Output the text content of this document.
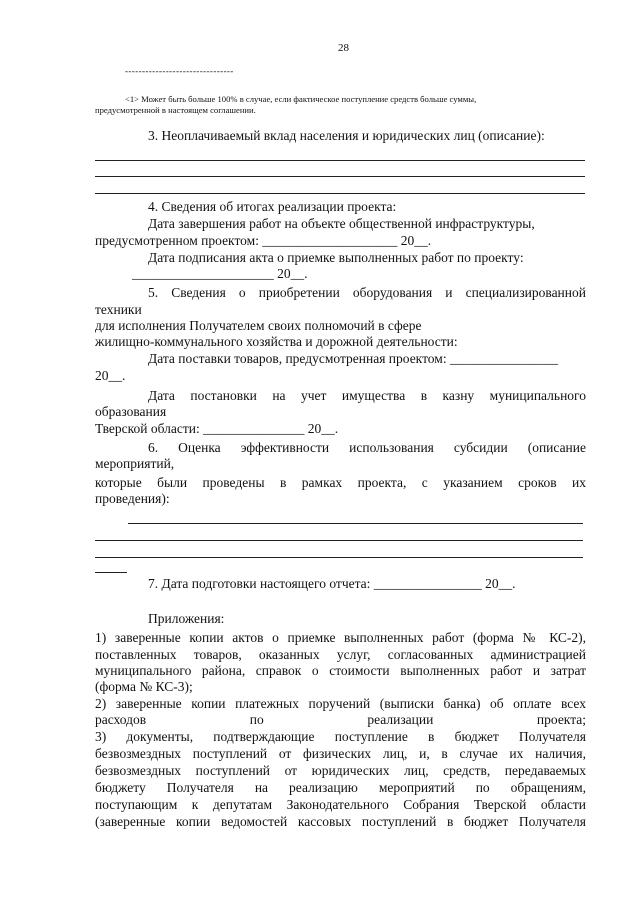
28
--------------------------------
<1> Может быть больше 100% в случае, если фактическое поступление средств больше суммы,
предусмотренной в настоящем соглашении.
3. Неоплачиваемый вклад населения и юридических лиц (описание):
4. Сведения об итогах реализации проекта:
Дата завершения работ на объекте общественной инфраструктуры,
предусмотренном проектом: ____________________ 20__.
Дата подписания акта о приемке выполненных работ по проекту:
_____________________ 20__.
5. Сведения о приобретении оборудования и специализированной
техники
для исполнения Получателем своих полномочий в сфере
жилищно-коммунального хозяйства и дорожной деятельности:
Дата поставки товаров, предусмотренная проектом: ________________
20__.
Дата постановки на учет имущества в казну муниципального
образования
Тверской области: _______________ 20__.
6. Оценка эффективности использования субсидии (описание
мероприятий,
которые были проведены в рамках проекта, с указанием сроков их
проведения):
7. Дата подготовки настоящего отчета: ________________ 20__.
Приложения:
1) заверенные копии актов о приемке выполненных работ (форма № КС-2),
поставленных товаров, оказанных услуг, согласованных администрацией
муниципального района, справок о стоимости выполненных работ и затрат
(форма № КС-3);
2) заверенные копии платежных поручений (выписки банка) об оплате всех
расходов по реализации проекта;
3) документы, подтверждающие поступление в бюджет Получателя
безвозмездных поступлений от физических лиц, и, в случае их наличия,
безвозмездных поступлений от юридических лиц, средств, передаваемых
бюджету Получателя на реализацию мероприятий по обращениям,
поступающим к депутатам Законодательного Собрания Тверской области
(заверенные копии ведомостей кассовых поступлений в бюджет Получателя
